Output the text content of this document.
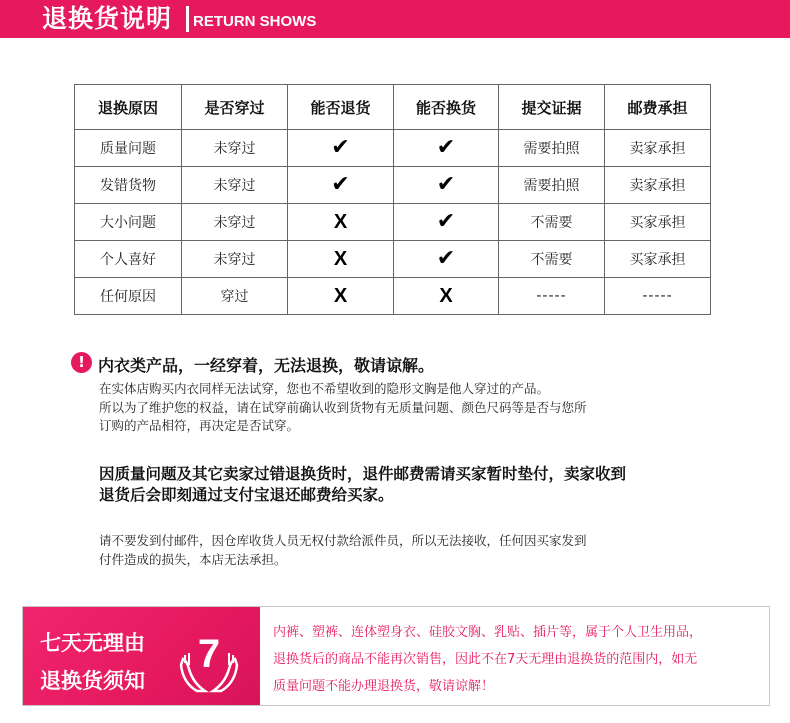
退换货说明 RETURN SHOWS
退换原因	是否穿过	能否退货	能否换货	提交证据	邮费承担
质量问题	未穿过	✔	✔	需要拍照	卖家承担
发错货物	未穿过	✔	✔	需要拍照	卖家承担
大小问题	未穿过	X	✔	不需要	买家承担
个人喜好	未穿过	X	✔	不需要	买家承担
任何原因	穿过	X	X	-----	-----
! 内衣类产品，一经穿着，无法退换，敬请谅解。

在实体店购买内衣同样无法试穿，您也不希望收到的隐形文胸是他人穿过的产品。

所以为了维护您的权益，请在试穿前确认收到货物有无质量问题、颜色尺码等是否与您所

订购的产品相符，再决定是否试穿。

因质量问题及其它卖家过错退换货时，退件邮费需请买家暂时垫付，卖家收到

退货后会即刻通过支付宝退还邮费给买家。

请不要发到付邮件，因仓库收货人员无权付款给派件员，所以无法接收，任何因买家发到

付件造成的损失，本店无法承担。

七天无理由
退换货须知
7	内裤、塑裤、连体塑身衣、硅胶文胸、乳贴、插片等，属于个人卫生用品，

退换货后的商品不能再次销售，因此不在7天无理由退换货的范围内，如无

质量问题不能办理退换货，敬请谅解！
